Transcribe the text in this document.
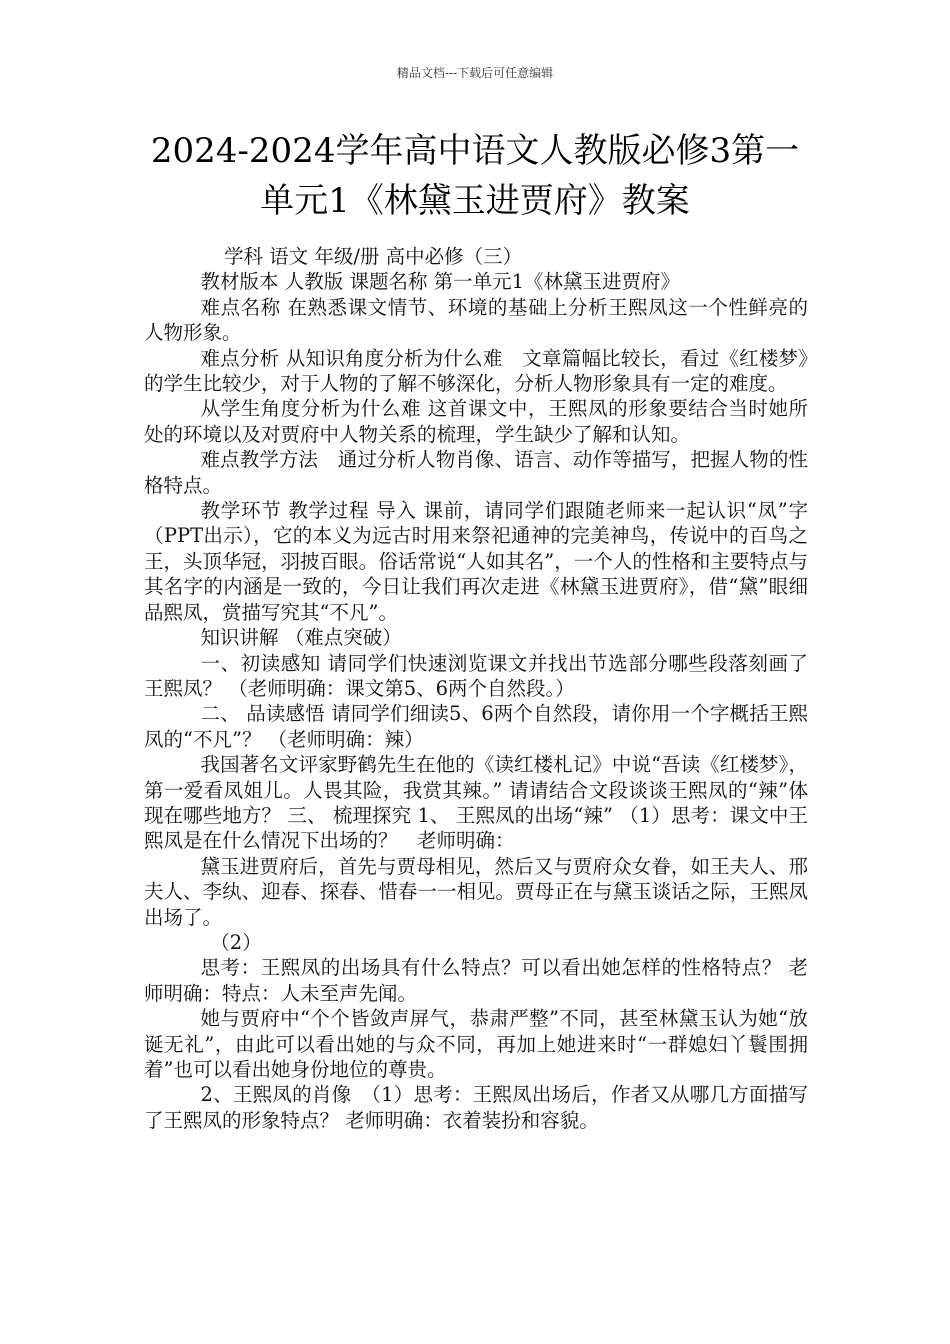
精品文档---下载后可任意编辑
2024-2024学年高中语文人教版必修3第一
单元1《林黛玉进贾府》教案

学科 语文 年级/册 高中必修（三）

教材版本 人教版 课题名称 第一单元1《林黛玉进贾府》

难点名称 在熟悉课文情节、环境的基础上分析王熙凤这一个性鲜亮的人物形象。

难点分析 从知识角度分析为什么难　文章篇幅比较长，看过《红楼梦》的学生比较少，对于人物的了解不够深化，分析人物形象具有一定的难度。

从学生角度分析为什么难 这首课文中，王熙凤的形象要结合当时她所处的环境以及对贾府中人物关系的梳理，学生缺少了解和认知。

难点教学方法　通过分析人物肖像、语言、动作等描写，把握人物的性格特点。

教学环节 教学过程 导入 课前，请同学们跟随老师来一起认识“凤”字（PPT出示），它的本义为远古时用来祭祀通神的完美神鸟，传说中的百鸟之王，头顶华冠，羽披百眼。俗话常说“人如其名”，一个人的性格和主要特点与其名字的内涵是一致的，今日让我们再次走进《林黛玉进贾府》，借“黛”眼细品熙凤，赏描写究其“不凡”。

知识讲解 （难点突破）

一、初读感知 请同学们快速浏览课文并找出节选部分哪些段落刻画了王熙凤？ （老师明确：课文第5、6两个自然段。）

二、 品读感悟 请同学们细读5、6两个自然段，请你用一个字概括王熙凤的“不凡”？ （老师明确：辣）

我国著名文评家野鹤先生在他的《读红楼札记》中说“吾读《红楼梦》，第一爱看凤姐儿。人畏其险，我赏其辣。” 请请结合文段谈谈王熙凤的“辣”体现在哪些地方？ 三、 梳理探究 1、 王熙凤的出场“辣” （1）思考：课文中王熙凤是在什么情况下出场的？　老师明确：

黛玉进贾府后，首先与贾母相见，然后又与贾府众女眷，如王夫人、邢夫人、李纨、迎春、探春、惜春一一相见。贾母正在与黛玉谈话之际，王熙凤出场了。

（2）

思考：王熙凤的出场具有什么特点？可以看出她怎样的性格特点？ 老师明确：特点：人未至声先闻。

她与贾府中“个个皆敛声屏气，恭肃严整”不同，甚至林黛玉认为她“放诞无礼”，由此可以看出她的与众不同，再加上她进来时“一群媳妇丫鬟围拥着”也可以看出她身份地位的尊贵。

2、王熙凤的肖像　（1）思考：王熙凤出场后，作者又从哪几方面描写了王熙凤的形象特点？ 老师明确：衣着装扮和容貌。
